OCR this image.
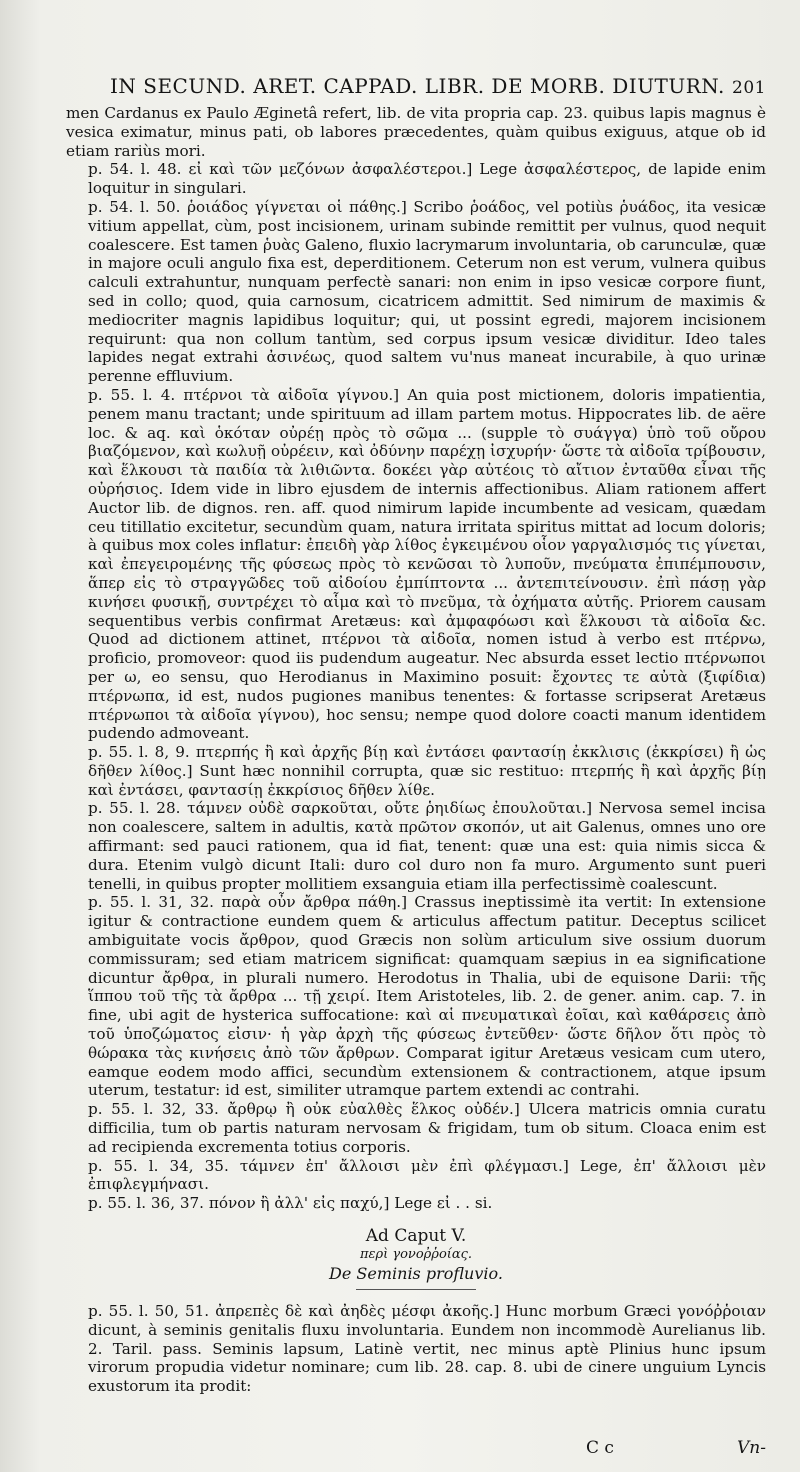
IN SECUND. ARET. CAPPAD. LIBR. DE MORB. DIUTURN. 201

men Cardanus ex Paulo Æginetâ refert, lib. de vita propria cap. 23. quibus lapis magnus è vesica eximatur, minus pati, ob labores præcedentes, quàm quibus exiguus, atque ob id etiam rariùs mori.

p. 54. l. 48. εἰ καὶ τῶν μεζόνων ἀσφαλέστεροι.] Lege ἀσφαλέστερος, de lapide enim loquitur in singulari.

p. 54. l. 50. ῥοιάδος γίγνεται οἱ πάθης.] Scribo ῥοάδος, vel potiùs ῥυάδος, ita vesicæ vitium appellat, cùm, post incisionem, urinam subinde remittit per vulnus, quod nequit coalescere. Est tamen ῥυὰς Galeno, fluxio lacrymarum involuntaria, ob carunculæ, quæ in majore oculi angulo fixa est, deperditionem. Ceterum non est verum, vulnera quibus calculi extrahuntur, nunquam perfectè sanari: non enim in ipso vesicæ corpore fiunt, sed in collo; quod, quia carnosum, cicatricem admittit. Sed nimirum de maximis & mediocriter magnis lapidibus loquitur; qui, ut possint egredi, majorem incisionem requirunt: qua non collum tantùm, sed corpus ipsum vesicæ dividitur. Ideo tales lapides negat extrahi ἀσινέως, quod saltem vu'nus maneat incurabile, à quo urinæ perenne effluvium.

p. 55. l. 4. πτέρνοι τὰ αἰδοῖα γίγνου.] An quia post mictionem, doloris impatientia, penem manu tractant; unde spirituum ad illam partem motus. Hippocrates lib. de aëre loc. & aq. καὶ ὁκόταν οὐρέῃ πρὸς τὸ σῶμα ... (supple τὸ συάγγα) ὑπὸ τοῦ οὔρου βιαζόμενον, καὶ κωλυῇ οὐρέειν, καὶ ὀδύνην παρέχῃ ἰσχυρήν· ὥστε τὰ αἰδοῖα τρίβουσιν, καὶ ἕλκουσι τὰ παιδία τὰ λιθιῶντα. δοκέει γὰρ αὐτέοις τὸ αἴτιον ἐνταῦθα εἶναι τῆς οὐρήσιος. Idem vide in libro ejusdem de internis affectionibus. Aliam rationem affert Auctor lib. de dignos. ren. aff. quod nimirum lapide incumbente ad vesicam, quædam ceu titillatio excitetur, secundùm quam, natura irritata spiritus mittat ad locum doloris; à quibus mox coles inflatur: ἐπειδὴ γὰρ λίθος ἐγκειμένου οἷον γαργαλισμός τις γίνεται, καὶ ἐπεγειρομένης τῆς φύσεως πρὸς τὸ κενῶσαι τὸ λυποῦν, πνεύματα ἐπιπέμπουσιν, ἅπερ εἰς τὸ στραγγῶδες τοῦ αἰδοίου ἐμπίπτοντα ... ἀντεπιτείνουσιν. ἐπὶ πάσῃ γὰρ κινήσει φυσικῇ, συντρέχει τὸ αἷμα καὶ τὸ πνεῦμα, τὰ ὀχήματα αὐτῆς. Priorem causam sequentibus verbis confirmat Aretæus: καὶ ἀμφαφόωσι καὶ ἕλκουσι τὰ αἰδοῖα &c. Quod ad dictionem attinet, πτέρνοι τὰ αἰδοῖα, nomen istud à verbo est πτέρνω, proficio, promoveor: quod iis pudendum augeatur. Nec absurda esset lectio πτέρνωποι per ω, eo sensu, quo Herodianus in Maximino posuit: ἔχοντες τε αὐτὰ (ξιφίδια) πτέρνωπα, id est, nudos pugiones manibus tenentes: & fortasse scripserat Aretæus πτέρνωποι τὰ αἰδοῖα γίγνου), hoc sensu; nempe quod dolore coacti manum identidem pudendo admoveant.

p. 55. l. 8, 9. πτερπής ἢ καὶ ἀρχῆς βίῃ καὶ ἐντάσει φαντασίῃ ἐκκλισις (ἐκκρίσει) ἢ ὡς δῆθεν λίθος.] Sunt hæc nonnihil corrupta, quæ sic restituo: πτερπής ἢ καὶ ἀρχῆς βίῃ καὶ ἐντάσει, φαντασίῃ ἐκκρίσιος δῆθεν λίθε.

p. 55. l. 28. τάμνεν οὐδὲ σαρκοῦται, οὔτε ῥηιδίως ἐπουλοῦται.] Nervosa semel incisa non coalescere, saltem in adultis, κατὰ πρῶτον σκοπόν, ut ait Galenus, omnes uno ore affirmant: sed pauci rationem, qua id fiat, tenent: quæ una est: quia nimis sicca & dura. Etenim vulgò dicunt Itali: duro col duro non fa muro. Argumento sunt pueri tenelli, in quibus propter mollitiem exsanguia etiam illa perfectissimè coalescunt.

p. 55. l. 31, 32. παρὰ οὖν ἄρθρα πάθη.] Crassus ineptissimè ita vertit: In extensione igitur & contractione eundem quem & articulus affectum patitur. Deceptus scilicet ambiguitate vocis ἄρθρον, quod Græcis non solùm articulum sive ossium duorum commissuram; sed etiam matricem significat: quamquam sæpius in ea significatione dicuntur ἄρθρα, in plurali numero. Herodotus in Thalia, ubi de equisone Darii: τῆς ἵππου τοῦ τῆς τὰ ἄρθρα ... τῇ χειρί. Item Aristoteles, lib. 2. de gener. anim. cap. 7. in fine, ubi agit de hysterica suffocatione: καὶ αἱ πνευματικαὶ ἐοῖαι, καὶ καθάρσεις ἀπὸ τοῦ ὑποζώματος εἰσιν· ἡ γὰρ ἀρχὴ τῆς φύσεως ἐντεῦθεν· ὥστε δῆλον ὅτι πρὸς τὸ θώρακα τὰς κινήσεις ἀπὸ τῶν ἄρθρων. Comparat igitur Aretæus vesicam cum utero, eamque eodem modo affici, secundùm extensionem & contractionem, atque ipsum uterum, testatur: id est, similiter utramque partem extendi ac contrahi.

p. 55. l. 32, 33. ἄρθρῳ ἢ οὐκ εὐαλθὲς ἕλκος οὐδέν.] Ulcera matricis omnia curatu difficilia, tum ob partis naturam nervosam & frigidam, tum ob situm. Cloaca enim est ad recipienda excrementa totius corporis.

p. 55. l. 34, 35. τάμνεν ἐπ' ἄλλοισι μὲν ἐπὶ φλέγμασι.] Lege, ἐπ' ἄλλοισι μὲν ἐπιφλεγμήνασι.

p. 55. l. 36, 37. πόνον ἢ ἀλλ' εἰς παχύ,] Lege εἰ . . si.

Ad Caput V.
περὶ γονοῤῥοίας.
De Seminis profluvio.

p. 55. l. 50, 51. ἀπρεπὲς δὲ καὶ ἀηδὲς μέσφι ἀκοῆς.] Hunc morbum Græci γονόῤῥοιαν dicunt, à seminis genitalis fluxu involuntaria. Eundem non incommodè Aurelianus lib. 2. Taril. pass. Seminis lapsum, Latinè vertit, nec minus aptè Plinius hunc ipsum virorum propudia videtur nominare; cum lib. 28. cap. 8. ubi de cinere unguium Lyncis exustorum ita prodit:

C c	Vn-
